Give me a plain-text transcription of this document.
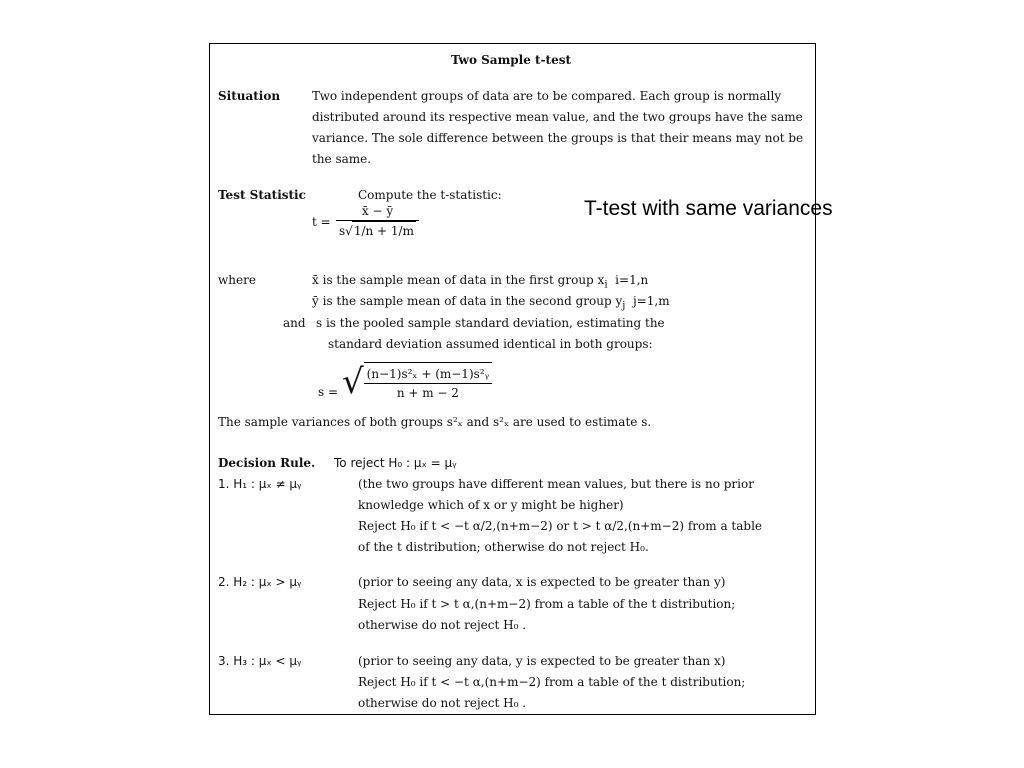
Two Sample t-test
Situation	Two independent groups of data are to be compared. Each group is normally
distributed around its respective mean value, and the two groups have the same
variance. The sole difference between the groups is that their means may not be
the same.
Test Statistic	Compute the t-statistic:
$t = \frac{x̄ - ȳ}{s√1/n + 1/m}$	T-test with same variances
where	x̄ is the sample mean of data in the first group $x_i$ i=1,n
ȳ is the sample mean of data in the second group $y_j$ j=1,m
and s is the pooled sample standard deviation, estimating the
standard deviation assumed identical in both groups:
s = √ $\frac{\text{(n−1)s²ₓ + (m−1)s²ᵧ}}{n + m - 2}$
The sample variances of both groups s²ₓ and s²ₓ are used to estimate s.
Decision Rule. To reject H₀ : μₓ = μᵧ
1. H₁ : μₓ ≠ μᵧ	(the two groups have different mean values, but there is no prior
knowledge which of x or y might be higher)
Reject H₀ if t < −t α/2,(n+m−2) or t > t α/2,(n+m−2) from a table
of the t distribution; otherwise do not reject H₀.
2. H₂ : μₓ > μᵧ	(prior to seeing any data, x is expected to be greater than y)
Reject H₀ if t > t α,(n+m−2) from a table of the t distribution;
otherwise do not reject H₀ .
3. H₃ : μₓ < μᵧ	(prior to seeing any data, y is expected to be greater than x)
Reject H₀ if t < −t α,(n+m−2) from a table of the t distribution;
otherwise do not reject H₀ .
